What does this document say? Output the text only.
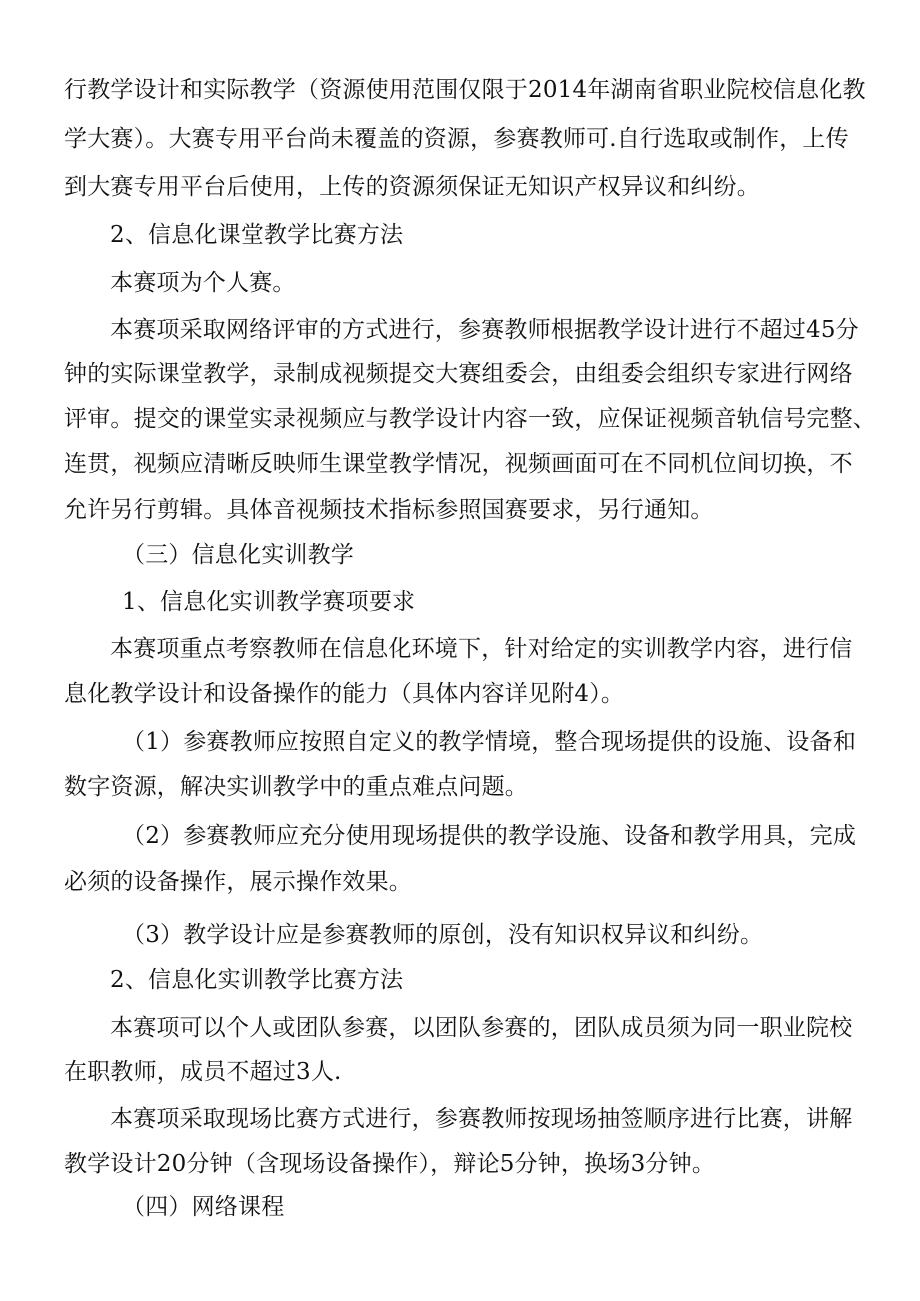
行教学设计和实际教学（资源使用范围仅限于2014年湖南省职业院校信息化教
学大赛）。大赛专用平台尚未覆盖的资源，参赛教师可.自行选取或制作，上传
到大赛专用平台后使用，上传的资源须保证无知识产权异议和纠纷。
2、信息化课堂教学比赛方法
本赛项为个人赛。
本赛项采取网络评审的方式进行，参赛教师根据教学设计进行不超过45分
钟的实际课堂教学，录制成视频提交大赛组委会，由组委会组织专家进行网络
评审。提交的课堂实录视频应与教学设计内容一致，应保证视频音轨信号完整、
连贯，视频应清晰反映师生课堂教学情况，视频画面可在不同机位间切换，不
允许另行剪辑。具体音视频技术指标参照国赛要求，另行通知。
（三）信息化实训教学
1、信息化实训教学赛项要求
本赛项重点考察教师在信息化环境下，针对给定的实训教学内容，进行信
息化教学设计和设备操作的能力（具体内容详见附4）。
（1）参赛教师应按照自定义的教学情境，整合现场提供的设施、设备和
数字资源，解决实训教学中的重点难点问题。
（2）参赛教师应充分使用现场提供的教学设施、设备和教学用具，完成
必须的设备操作，展示操作效果。
（3）教学设计应是参赛教师的原创，没有知识权异议和纠纷。
2、信息化实训教学比赛方法
本赛项可以个人或团队参赛，以团队参赛的，团队成员须为同一职业院校
在职教师，成员不超过3人.
本赛项采取现场比赛方式进行，参赛教师按现场抽签顺序进行比赛，讲解
教学设计20分钟（含现场设备操作），辩论5分钟，换场3分钟。
（四）网络课程
